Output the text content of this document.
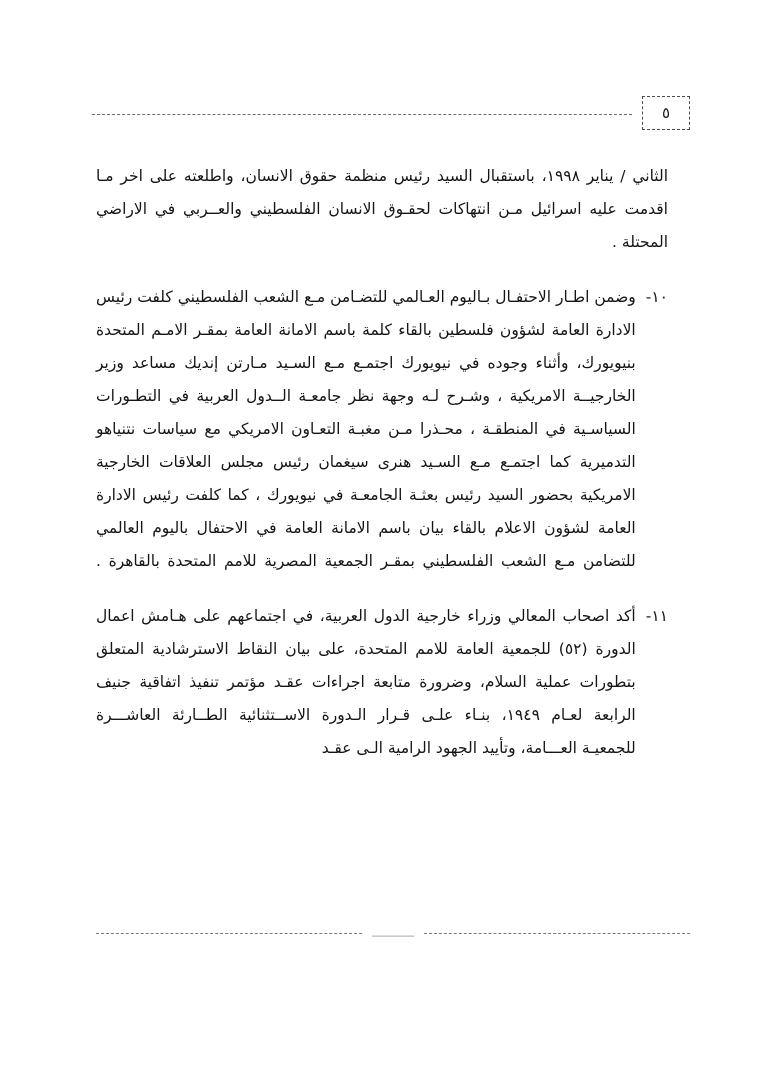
٥

الثاني / يناير ١٩٩٨، باستقبال السيد رئيس منظمة حقوق الانسان، واطلعته على اخر مـا اقدمت عليه اسرائيل مـن انتهاكات لحقـوق الانسان الفلسطيني والعــربي في الاراضي المحتلة .

١٠-
وضمن اطـار الاحتفـال بـاليوم العـالمي للتضـامن مـع الشعب الفلسطيني كلفت رئيس الادارة العامة لشؤون فلسطين بالقاء كلمة باسم الامانة العامة بمقـر الامـم المتحدة بنيويورك، وأثناء وجوده في نيويورك اجتمـع مـع السـيد مـارتن إنديك مساعد وزير الخارجيــة الامريكية ، وشـرح لـه وجهة نظر جامعـة الــدول العربية في التطـورات السياسـية في المنطقـة ، محـذرا مـن مغبـة التعـاون الامريكي مع سياسات نتنياهو التدميرية كما اجتمـع مـع السـيد هنرى سيغمان رئيس مجلس العلاقات الخارجية الامريكية بحضور السيد رئيس بعثـة الجامعـة في نيويورك ، كما كلفت رئيس الادارة العامة لشؤون الاعلام بالقاء بيان باسم الامانة العامة في الاحتفال باليوم العالمي للتضامن مـع الشعب الفلسطيني بمقـر الجمعية المصرية للامم المتحدة بالقاهرة .
١١-
أكد اصحاب المعالي وزراء خارجية الدول العربية، في اجتماعهم على هـامش اعمال الدورة (٥٢) للجمعية العامة للامم المتحدة، على بيان النقاط الاسترشادية المتعلق بتطورات عملية السلام، وضرورة متابعة اجراءات عقـد مؤتمر تنفيذ اتفاقية جنيف الرابعة لعـام ١٩٤٩، بنـاء علـى قـرار الـدورة الاســتثنائية الطــارئة العاشـــرة للجمعيـة العـــامة، وتأييد الجهود الرامية الـى عقـد
ـــــــــــــ
